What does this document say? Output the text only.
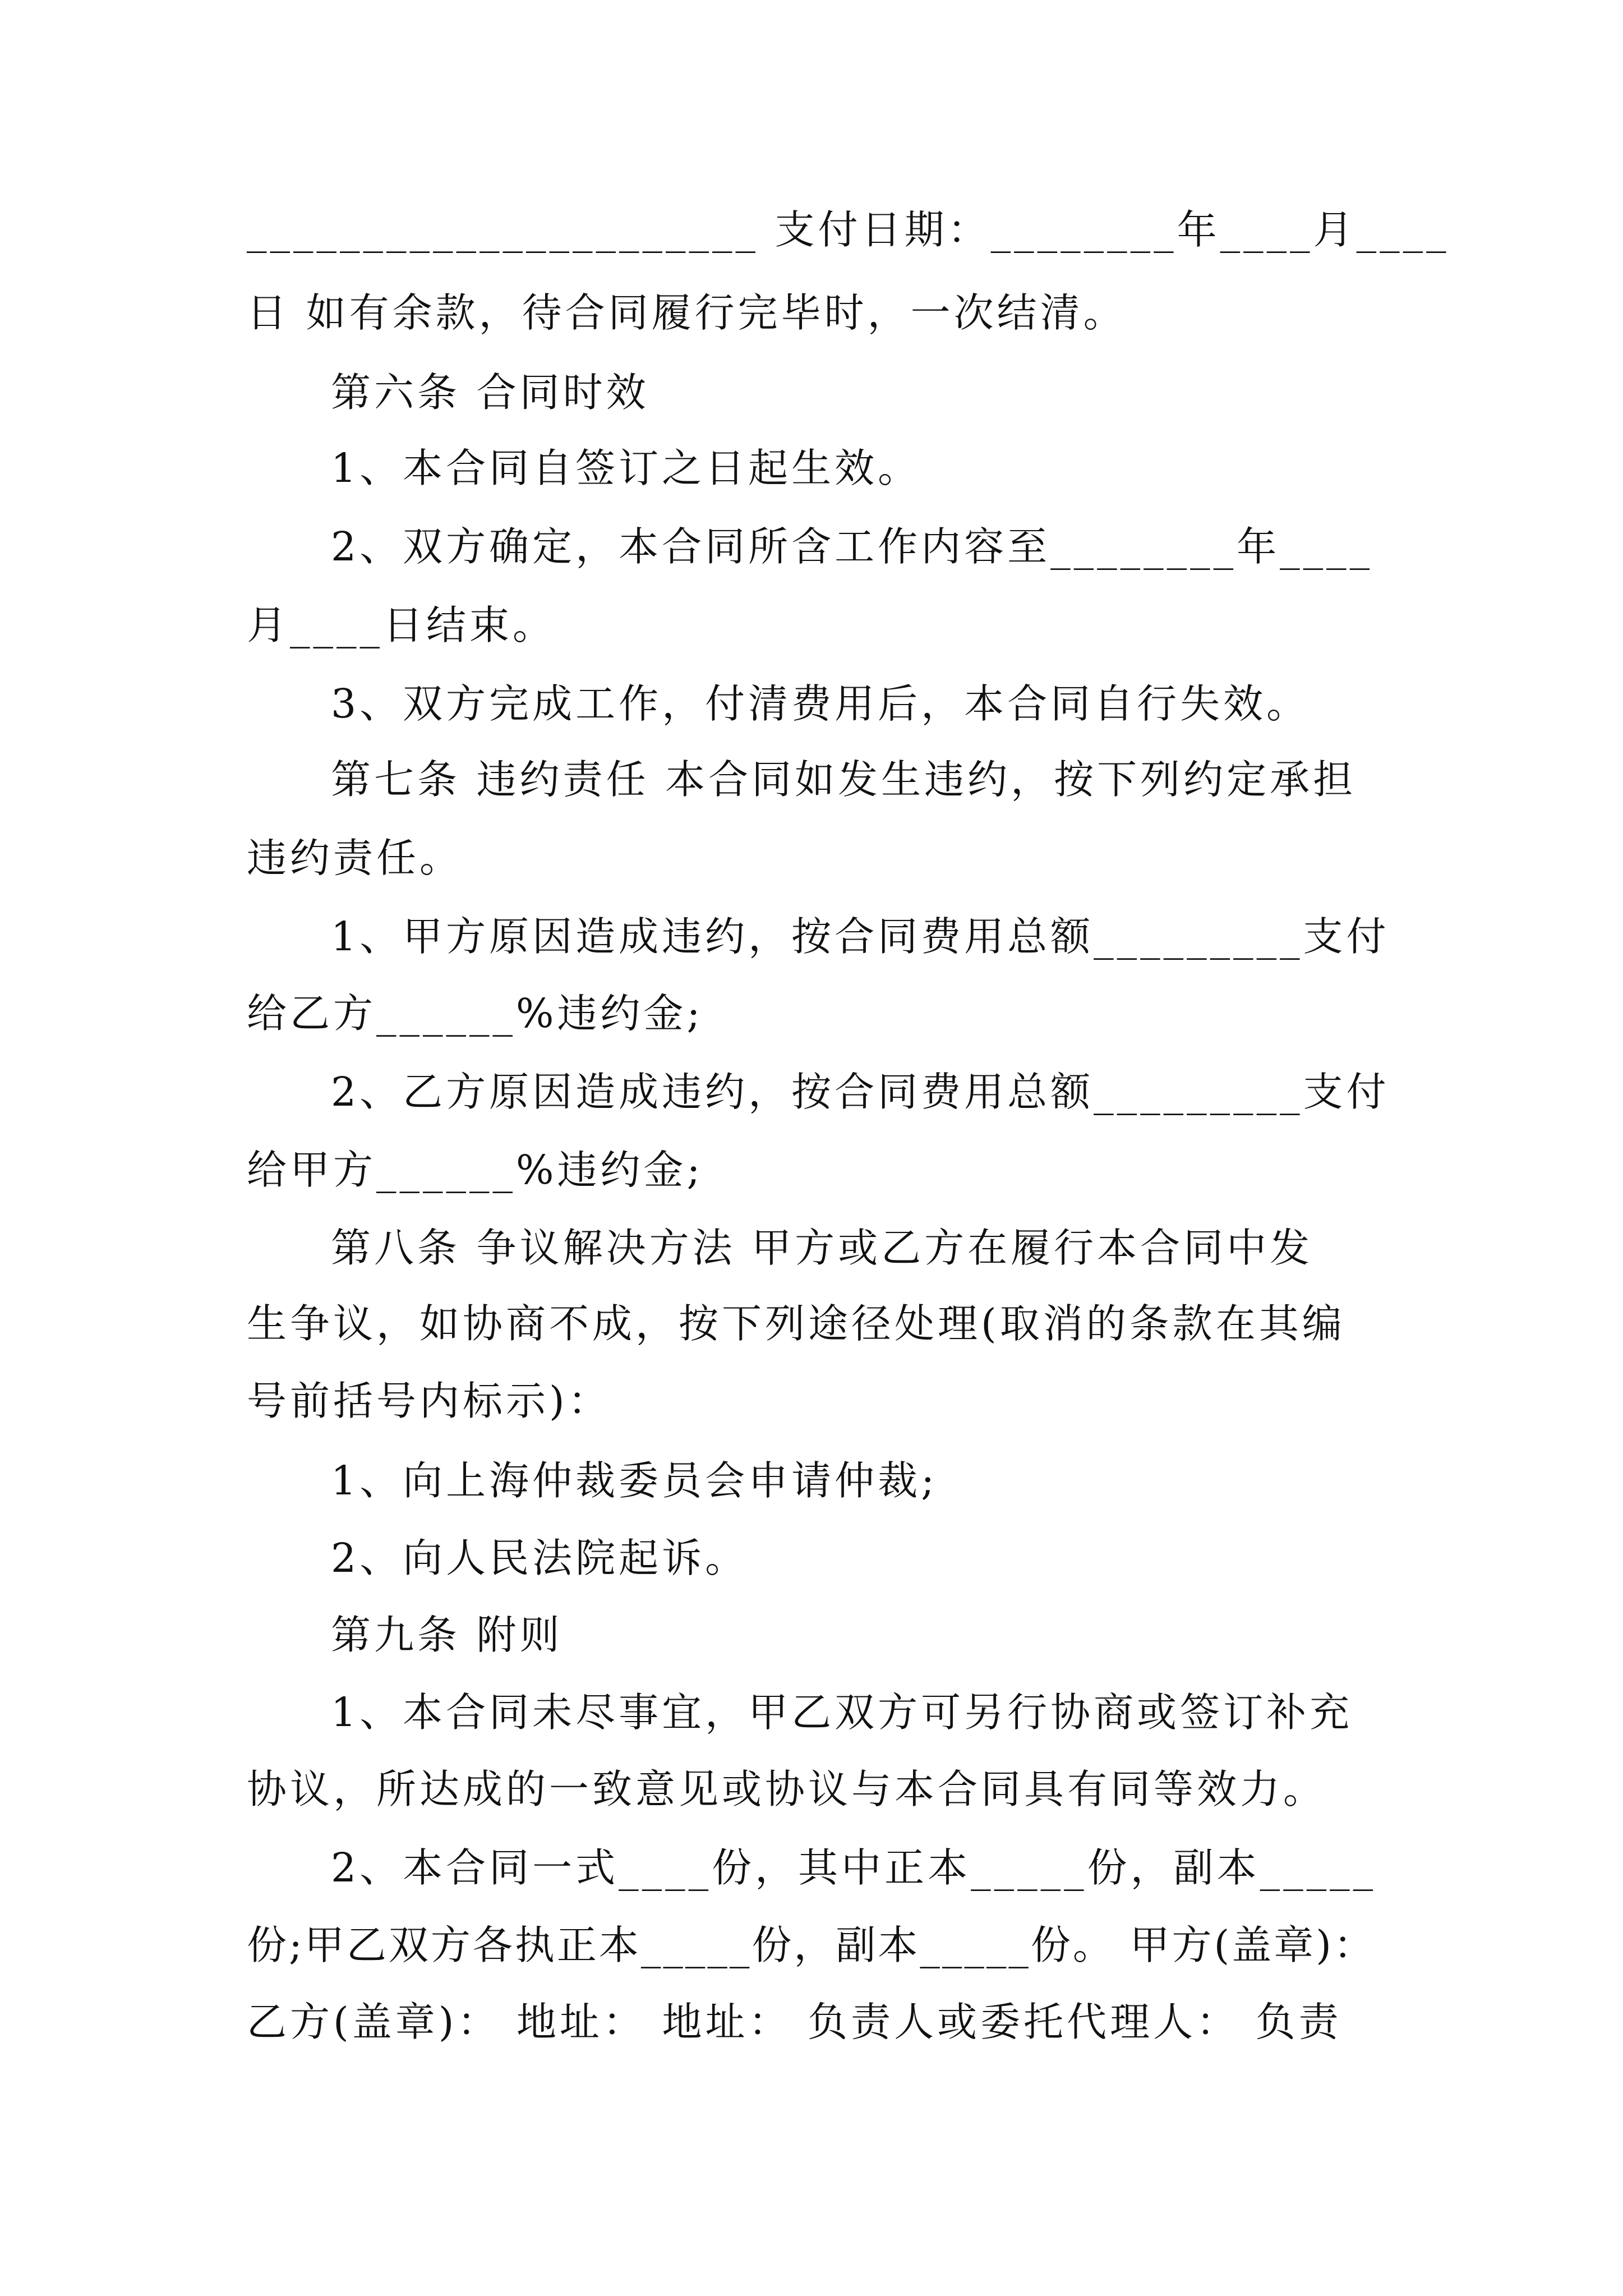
______________________ 支付日期：________年____月____
日 如有余款，待合同履行完毕时，一次结清。
第六条 合同时效
1、本合同自签订之日起生效。
2、双方确定，本合同所含工作内容至________年____
月____日结束。
3、双方完成工作，付清费用后，本合同自行失效。
第七条 违约责任 本合同如发生违约，按下列约定承担
违约责任。
1、甲方原因造成违约，按合同费用总额_________支付
给乙方______%违约金;
2、乙方原因造成违约，按合同费用总额_________支付
给甲方______%违约金;
第八条 争议解决方法 甲方或乙方在履行本合同中发
生争议，如协商不成，按下列途径处理(取消的条款在其编
号前括号内标示)：
1、向上海仲裁委员会申请仲裁;
2、向人民法院起诉。
第九条 附则
1、本合同未尽事宜，甲乙双方可另行协商或签订补充
协议，所达成的一致意见或协议与本合同具有同等效力。
2、本合同一式____份，其中正本_____份，副本_____
份;甲乙双方各执正本_____份，副本_____份。 甲方(盖章)：
乙方(盖章)： 地址： 地址： 负责人或委托代理人： 负责
